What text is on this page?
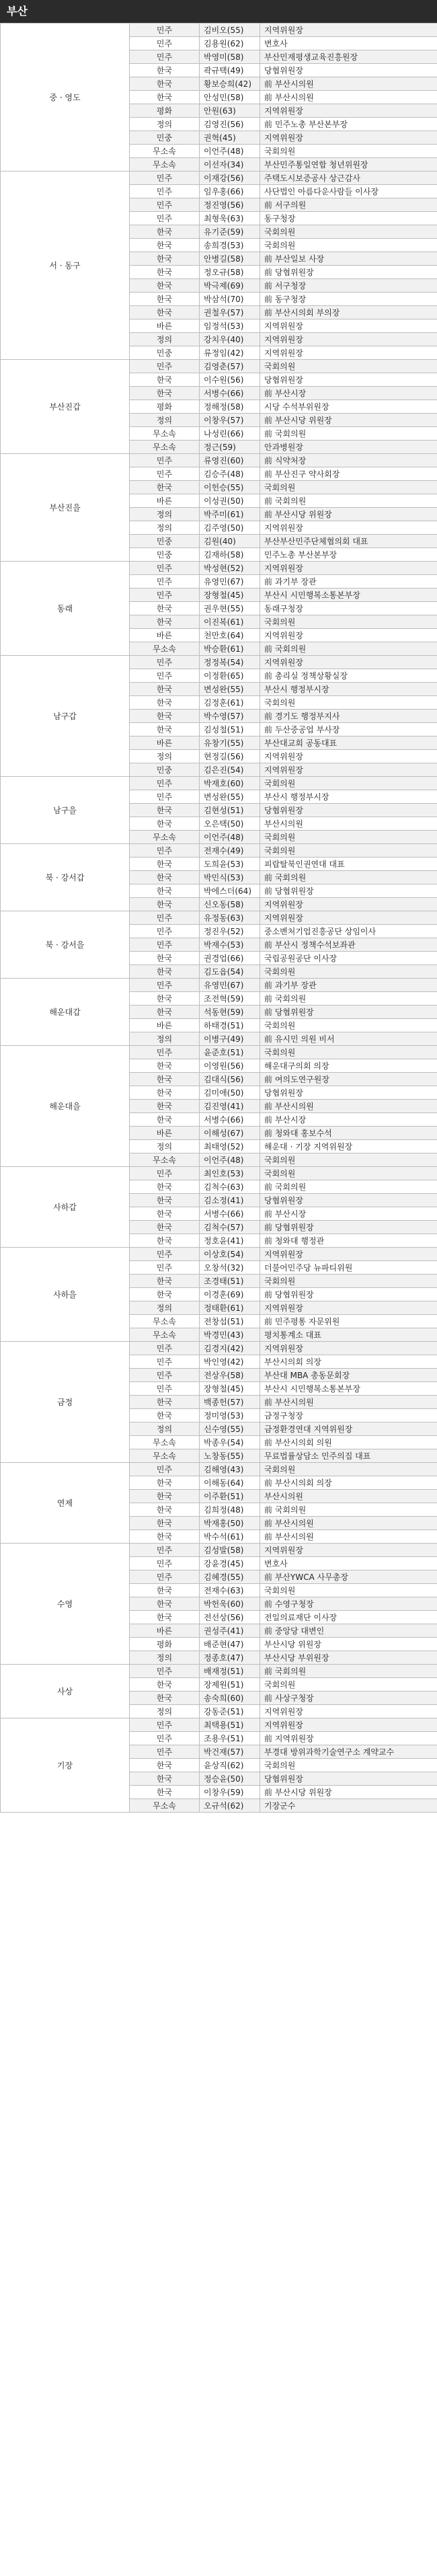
부산
중 · 영도	민주	김비오(55)	지역위원장
	민주	김용원(62)	변호사
	민주	박영미(58)	부산민재평생교육진흥원장
	한국	곽규택(49)	당협위원장
	한국	황보승희(42)	前 부산시의원
	한국	안성민(58)	前 부산시의원
	평화	안원(63)	지역위원장
	정의	김영진(56)	前 민주노총 부산본부장
	민중	권혁(45)	지역위원장
	무소속	이언주(48)	국회의원
	무소속	이선자(34)	부산민주통일연합 청년위원장
서 · 동구	민주	이재강(56)	주택도시보증공사 상근감사
	민주	임우홍(66)	사단법인 아름다운사람들 이사장
	민주	정진영(56)	前 서구의원
	민주	최형욱(63)	동구청장
	한국	유기준(59)	국회의원
	한국	송희경(53)	국회의원
	한국	안병길(58)	前 부산일보 사장
	한국	정오규(58)	前 당협위원장
	한국	박극제(69)	前 서구청장
	한국	박삼석(70)	前 동구청장
	한국	권철우(57)	前 부산시의회 부의장
	바른	임정석(53)	지역위원장
	정의	강치우(40)	지역위원장
	민중	류정임(42)	지역위원장
부산진갑	민주	김영춘(57)	국회의원
	한국	이수원(56)	당협위원장
	한국	서병수(66)	前 부산시장
	평화	정해정(58)	시당 수석부위원장
	정의	이창우(57)	前 부산시당 위원장
	무소속	나성린(66)	前 국회의원
	무소속	정근(59)	안과병원장
부산진을	민주	류영진(60)	前 식약처장
	민주	김승주(48)	前 부산진구 약사회장
	한국	이헌승(55)	국회의원
	바른	이성권(50)	前 국회의원
	정의	박주미(61)	前 부산시당 위원장
	정의	김주영(50)	지역위원장
	민중	김원(40)	부산부산민주단체협의회 대표
	민중	김재하(58)	민주노총 부산본부장
동래	민주	박성현(52)	지역위원장
	민주	유영민(67)	前 과기부 장관
	민주	장형철(45)	부산시 시민행복소통본부장
	한국	권우현(55)	동래구청장
	한국	이진복(61)	국회의원
	바른	천만호(64)	지역위원장
	무소속	박승환(61)	前 국회의원
남구갑	민주	정정복(54)	지역위원장
	민주	이정환(65)	前 총리실 정책상황실장
	한국	변성완(55)	부산시 행정부시장
	한국	김정훈(61)	국회의원
	한국	박수영(57)	前 경기도 행정부지사
	한국	김성철(51)	前 두산중공업 부사장
	바른	유창기(55)	부산대교회 공동대표
	정의	현정길(56)	지역위원장
	민중	김은진(54)	지역위원장
남구을	민주	박재호(60)	국회의원
	민주	변성완(55)	부산시 행정부시장
	한국	김현성(51)	당협위원장
	한국	오은택(50)	부산시의원
	무소속	이언주(48)	국회의원
북 · 강서갑	민주	전재수(49)	국회의원
	한국	도희윤(53)	피랍탈북인권연대 대표
	한국	박민식(53)	前 국회의원
	한국	박에스더(64)	前 당협위원장
	한국	신오동(58)	지역위원장
북 · 강서을	민주	유정동(63)	지역위원장
	민주	정진우(52)	중소벤처기업진흥공단 상임이사
	민주	박재수(53)	前 부산시 정책수석보좌관
	한국	권경업(66)	국립공원공단 이사장
	한국	김도읍(54)	국회의원
해운대갑	민주	유영민(67)	前 과기부 장관
	한국	조전혁(59)	前 국회의원
	한국	석동현(59)	前 당협위원장
	바른	하태경(51)	국회의원
	정의	이병구(49)	前 유시민 의원 비서
해운대을	민주	윤준호(51)	국회의원
	한국	이영원(56)	해운대구의회 의장
	한국	김대식(56)	前 여의도연구원장
	한국	김미애(50)	당협위원장
	한국	김진영(41)	前 부산시의원
	한국	서병수(66)	前 부산시장
	바른	이해성(67)	前 청와대 홍보수석
	정의	최태영(52)	해운대 · 기장 지역위원장
	무소속	이언주(48)	국회의원
사하갑	민주	최인호(53)	국회의원
	한국	김척수(63)	前 국회의원
	한국	김소정(41)	당협위원장
	한국	서병수(66)	前 부산시장
	한국	김척수(57)	前 당협위원장
	한국	정호윤(41)	前 청와대 행정관
사하을	민주	이상호(54)	지역위원장
	민주	오창석(32)	더불어민주당 뉴파티위원
	한국	조경태(51)	국회의원
	한국	이경훈(69)	前 당협위원장
	정의	정태환(61)	지역위원장
	무소속	전창섭(51)	前 민주평통 자문위원
	무소속	박경민(43)	평치통계소 대표
금정	민주	김경지(42)	지역위원장
	민주	박인영(42)	부산시의회 의장
	민주	전상우(58)	부산대 MBA 총동문회장
	민주	장형철(45)	부산시 시민행복소통본부장
	한국	백종헌(57)	前 부산시의원
	한국	정미영(53)	금정구청장
	정의	신수영(55)	금정환경연대 지역위원장
	무소속	박종우(54)	前 부산시의회 의원
	무소속	노창동(55)	무료법률상담소 민주의집 대표
연제	민주	김해영(43)	국회의원
	한국	이해동(64)	前 부산시의회 의장
	한국	이주환(51)	부산시의원
	한국	김희정(48)	前 국회의원
	한국	박재홍(50)	前 부산시의원
	한국	박수석(61)	前 부산시의원
수영	민주	김성발(58)	지역위원장
	민주	강윤경(45)	변호사
	민주	김혜경(55)	前 부산YWCA 사무총장
	한국	전재수(63)	국회의원
	한국	박헌욱(60)	前 수영구청장
	한국	전선상(56)	전일의료재단 이사장
	바른	권성주(41)	前 중앙당 대변인
	평화	배준현(47)	부산시당 위원장
	정의	정종호(47)	부산시당 부위원장
사상	민주	배재정(51)	前 국회의원
	한국	장제원(51)	국회의원
	한국	송숙희(60)	前 사상구청장
	정의	강동준(51)	지역위원장
기장	민주	최택용(51)	지역위원장
	민주	조용우(51)	前 지역위원장
	민주	박건재(57)	부경대 방위과학기술연구소 계약교수
	한국	윤상직(62)	국회의원
	한국	정승윤(50)	당협위원장
	한국	이창우(59)	前 부산시당 위원장
	무소속	오규석(62)	기장군수
